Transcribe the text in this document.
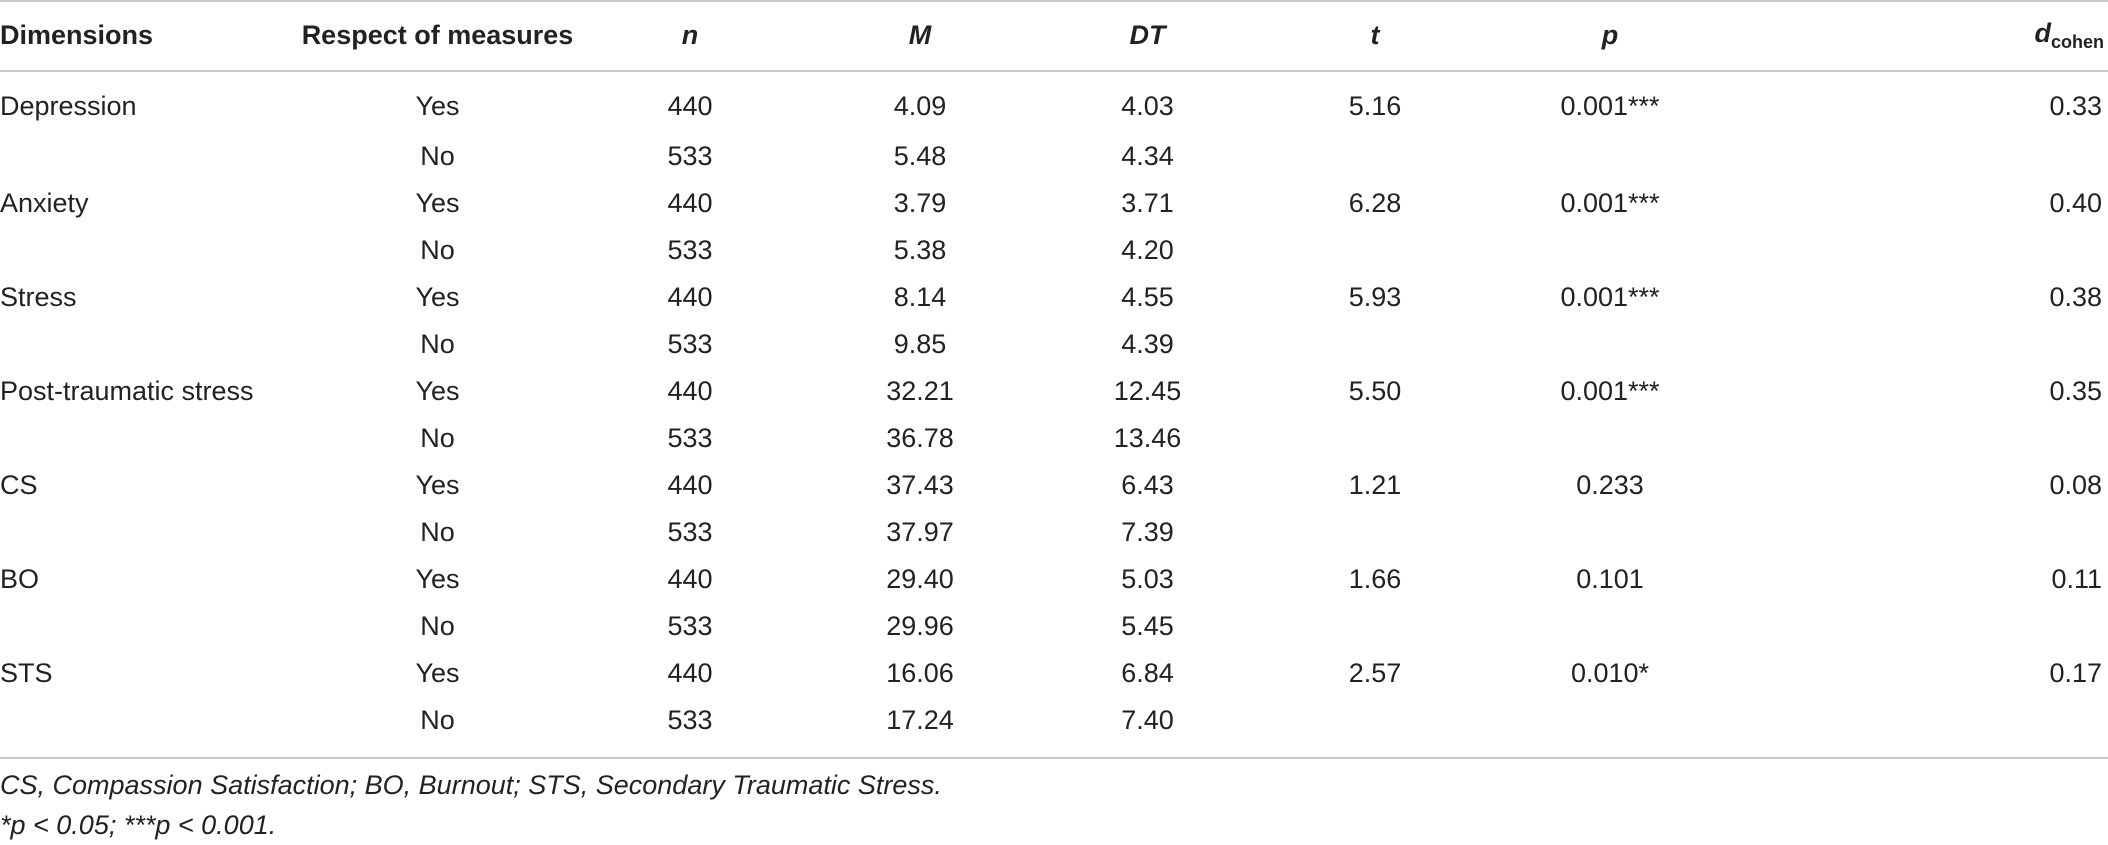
Dimensions	Respect of measures	n	M	DT	t	p	$d_{cohen}$
Depression	Yes	440	4.09	4.03	5.16	0.001***	0.33
	No	533	5.48	4.34			
Anxiety	Yes	440	3.79	3.71	6.28	0.001***	0.40
	No	533	5.38	4.20			
Stress	Yes	440	8.14	4.55	5.93	0.001***	0.38
	No	533	9.85	4.39			
Post-traumatic stress	Yes	440	32.21	12.45	5.50	0.001***	0.35
	No	533	36.78	13.46			
CS	Yes	440	37.43	6.43	1.21	0.233	0.08
	No	533	37.97	7.39			
BO	Yes	440	29.40	5.03	1.66	0.101	0.11
	No	533	29.96	5.45			
STS	Yes	440	16.06	6.84	2.57	0.010*	0.17
	No	533	17.24	7.40			
CS, Compassion Satisfaction; BO, Burnout; STS, Secondary Traumatic Stress.
*p < 0.05; ***p < 0.001.
